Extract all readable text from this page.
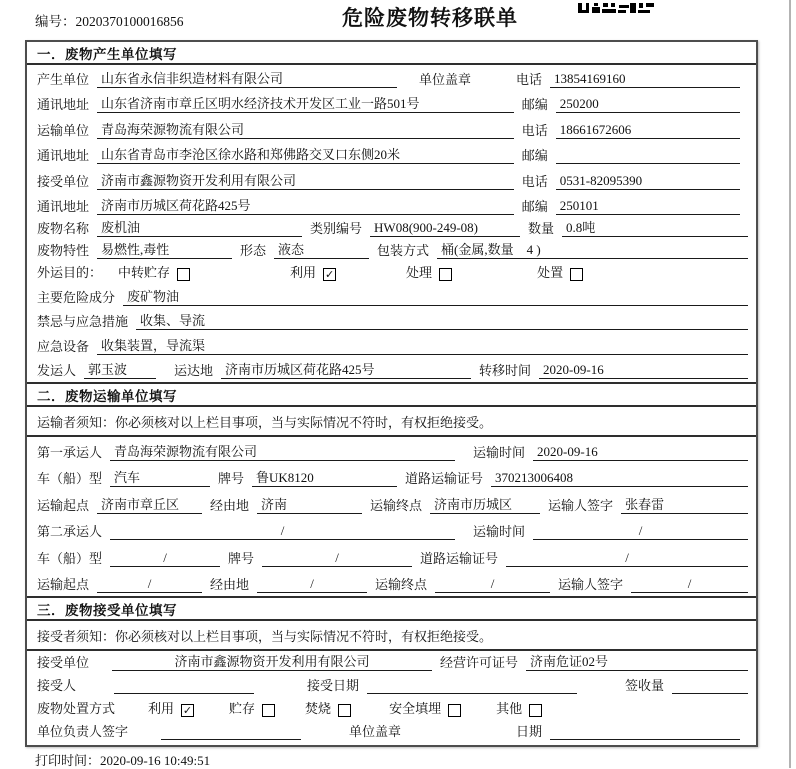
编号：2020370100016856	危险废物转移联单
一．废物产生单位填写
产生单位 山东省永信非织造材料有限公司	单位盖章	电话 13854169160
通讯地址 山东省济南市章丘区明水经济技术开发区工业一路501号	邮编 250200
运输单位 青岛海荣源物流有限公司	电话 18661672606
通讯地址 山东省青岛市李沧区徐水路和郑佛路交叉口东侧20米	邮编
接受单位 济南市鑫源物资开发利用有限公司	电话 0531-82095390
通讯地址 济南市历城区荷花路425号	邮编 250101
废物名称 废机油	类别编号 HW08(900-249-08)	数量 0.8吨
废物特性 易燃性,毒性	形态 液态	包装方式 桶(金属,数量　4 )
外运目的： 中转贮存	利用 ✓	处理	处置
主要危险成分 废矿物油
禁忌与应急措施 收集、导流
应急设备 收集装置，导流渠
发运人 郭玉波	运达地 济南市历城区荷花路425号	转移时间 2020-09-16
二．废物运输单位填写
运输者须知：你必须核对以上栏目事项，当与实际情况不符时，有权拒绝接受。
第一承运人 青岛海荣源物流有限公司	运输时间 2020-09-16
车（船）型 汽车	牌号 鲁UK8120	道路运输证号 370213006408
运输起点 济南市章丘区	经由地 济南	运输终点 济南市历城区	运输人签字 张春雷
第二承运人	/	运输时间	/
车（船）型	/	牌号	/	道路运输证号	/
运输起点	/	经由地	/	运输终点	/	运输人签字	/
三．废物接受单位填写
接受者须知：你必须核对以上栏目事项，当与实际情况不符时，有权拒绝接受。
接受单位	济南市鑫源物资开发利用有限公司	经营许可证号 济南危证02号
接受人	接受日期	签收量
废物处置方式	利用 ✓	贮存	焚烧	安全填埋	其他
单位负责人签字	单位盖章	日期
打印时间：2020-09-16 10:49:51
